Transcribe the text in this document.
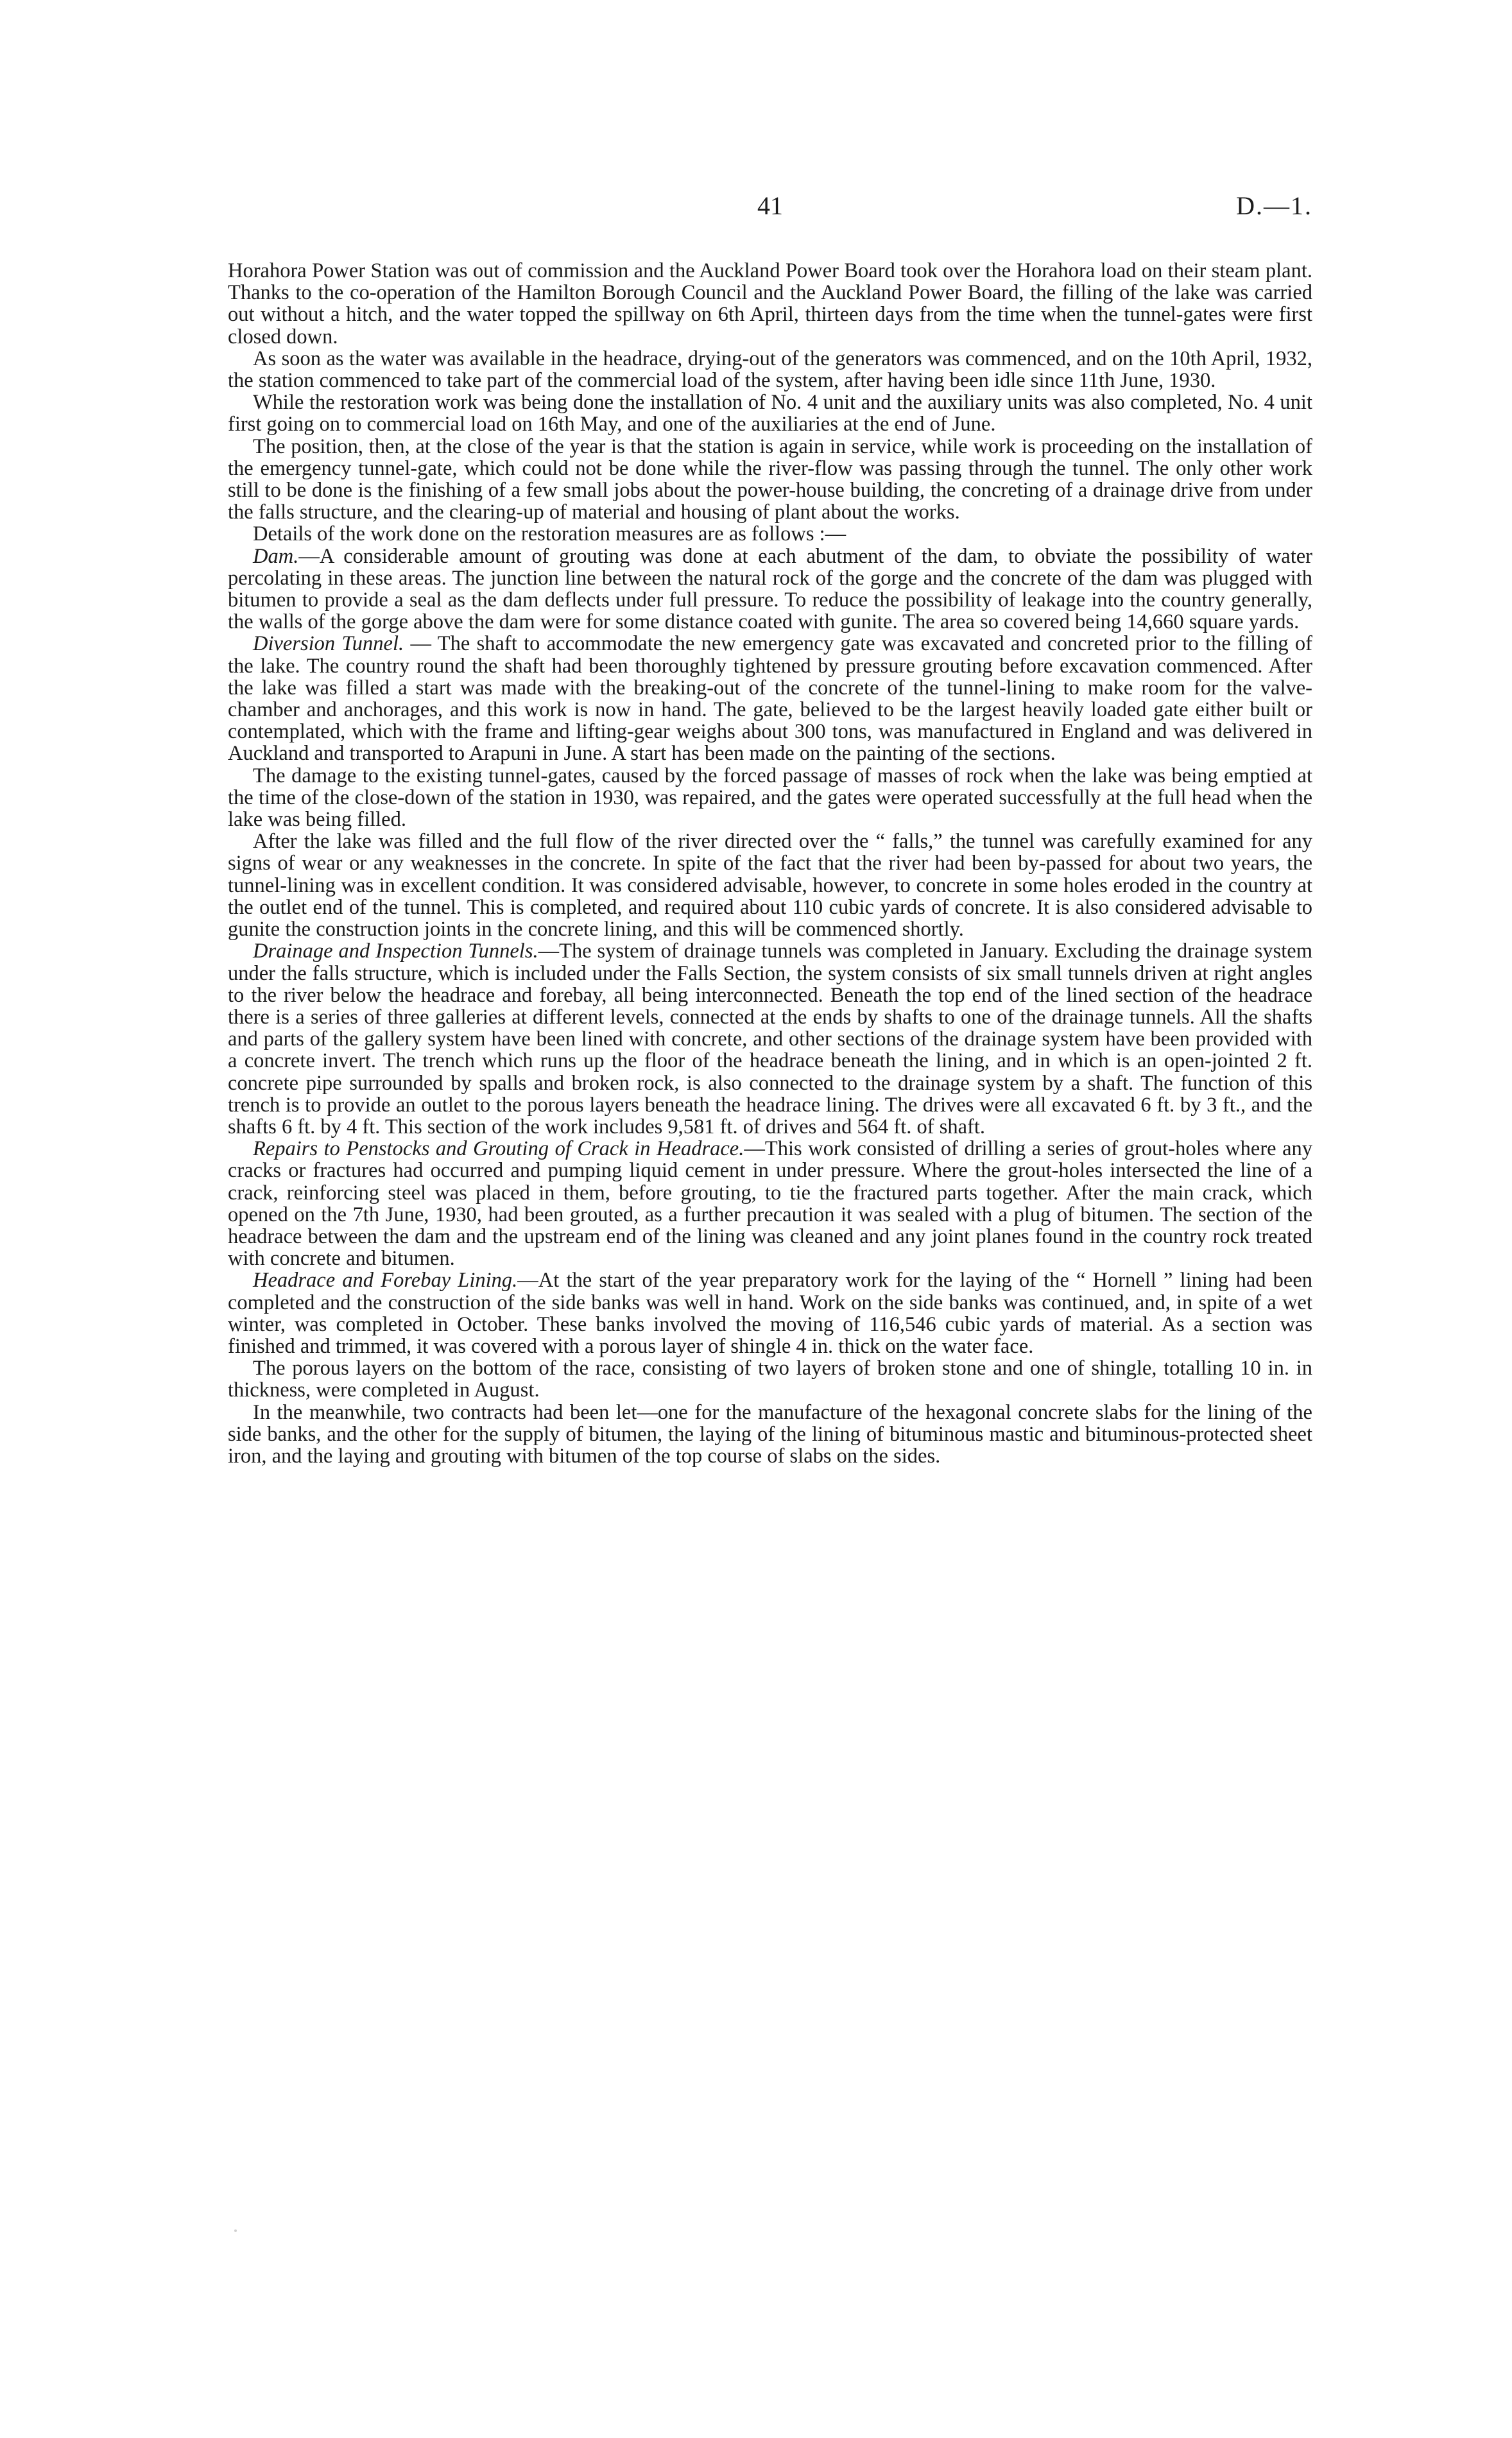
41	D.—1.

Horahora Power Station was out of commission and the Auckland Power Board took over the Horahora load on their steam plant. Thanks to the co-operation of the Hamilton Borough Council and the Auckland Power Board, the filling of the lake was carried out without a hitch, and the water topped the spillway on 6th April, thirteen days from the time when the tunnel-gates were first closed down.

As soon as the water was available in the headrace, drying-out of the generators was commenced, and on the 10th April, 1932, the station commenced to take part of the commercial load of the system, after having been idle since 11th June, 1930.

While the restoration work was being done the installation of No. 4 unit and the auxiliary units was also completed, No. 4 unit first going on to commercial load on 16th May, and one of the auxiliaries at the end of June.

The position, then, at the close of the year is that the station is again in service, while work is proceeding on the installation of the emergency tunnel-gate, which could not be done while the river-flow was passing through the tunnel. The only other work still to be done is the finishing of a few small jobs about the power-house building, the concreting of a drainage drive from under the falls structure, and the clearing-up of material and housing of plant about the works.

Details of the work done on the restoration measures are as follows :—

Dam.—A considerable amount of grouting was done at each abutment of the dam, to obviate the possibility of water percolating in these areas. The junction line between the natural rock of the gorge and the concrete of the dam was plugged with bitumen to provide a seal as the dam deflects under full pressure. To reduce the possibility of leakage into the country generally, the walls of the gorge above the dam were for some distance coated with gunite. The area so covered being 14,660 square yards.

Diversion Tunnel. — The shaft to accommodate the new emergency gate was excavated and concreted prior to the filling of the lake. The country round the shaft had been thoroughly tightened by pressure grouting before excavation commenced. After the lake was filled a start was made with the breaking-out of the concrete of the tunnel-lining to make room for the valve-chamber and anchorages, and this work is now in hand. The gate, believed to be the largest heavily loaded gate either built or contemplated, which with the frame and lifting-gear weighs about 300 tons, was manufactured in England and was delivered in Auckland and transported to Arapuni in June. A start has been made on the painting of the sections.

The damage to the existing tunnel-gates, caused by the forced passage of masses of rock when the lake was being emptied at the time of the close-down of the station in 1930, was repaired, and the gates were operated successfully at the full head when the lake was being filled.

After the lake was filled and the full flow of the river directed over the “ falls,” the tunnel was carefully examined for any signs of wear or any weaknesses in the concrete. In spite of the fact that the river had been by-passed for about two years, the tunnel-lining was in excellent condition. It was considered advisable, however, to concrete in some holes eroded in the country at the outlet end of the tunnel. This is completed, and required about 110 cubic yards of concrete. It is also considered advisable to gunite the construction joints in the concrete lining, and this will be commenced shortly.

Drainage and Inspection Tunnels.—The system of drainage tunnels was completed in January. Excluding the drainage system under the falls structure, which is included under the Falls Section, the system consists of six small tunnels driven at right angles to the river below the headrace and forebay, all being interconnected. Beneath the top end of the lined section of the headrace there is a series of three galleries at different levels, connected at the ends by shafts to one of the drainage tunnels. All the shafts and parts of the gallery system have been lined with concrete, and other sections of the drainage system have been provided with a concrete invert. The trench which runs up the floor of the headrace beneath the lining, and in which is an open-jointed 2 ft. concrete pipe surrounded by spalls and broken rock, is also connected to the drainage system by a shaft. The function of this trench is to provide an outlet to the porous layers beneath the headrace lining. The drives were all excavated 6 ft. by 3 ft., and the shafts 6 ft. by 4 ft. This section of the work includes 9,581 ft. of drives and 564 ft. of shaft.

Repairs to Penstocks and Grouting of Crack in Headrace.—This work consisted of drilling a series of grout-holes where any cracks or fractures had occurred and pumping liquid cement in under pressure. Where the grout-holes intersected the line of a crack, reinforcing steel was placed in them, before grouting, to tie the fractured parts together. After the main crack, which opened on the 7th June, 1930, had been grouted, as a further precaution it was sealed with a plug of bitumen. The section of the headrace between the dam and the upstream end of the lining was cleaned and any joint planes found in the country rock treated with concrete and bitumen.

Headrace and Forebay Lining.—At the start of the year preparatory work for the laying of the “ Hornell ” lining had been completed and the construction of the side banks was well in hand. Work on the side banks was continued, and, in spite of a wet winter, was completed in October. These banks involved the moving of 116,546 cubic yards of material. As a section was finished and trimmed, it was covered with a porous layer of shingle 4 in. thick on the water face.

The porous layers on the bottom of the race, consisting of two layers of broken stone and one of shingle, totalling 10 in. in thickness, were completed in August.

In the meanwhile, two contracts had been let—one for the manufacture of the hexagonal concrete slabs for the lining of the side banks, and the other for the supply of bitumen, the laying of the lining of bituminous mastic and bituminous-protected sheet iron, and the laying and grouting with bitumen of the top course of slabs on the sides.
